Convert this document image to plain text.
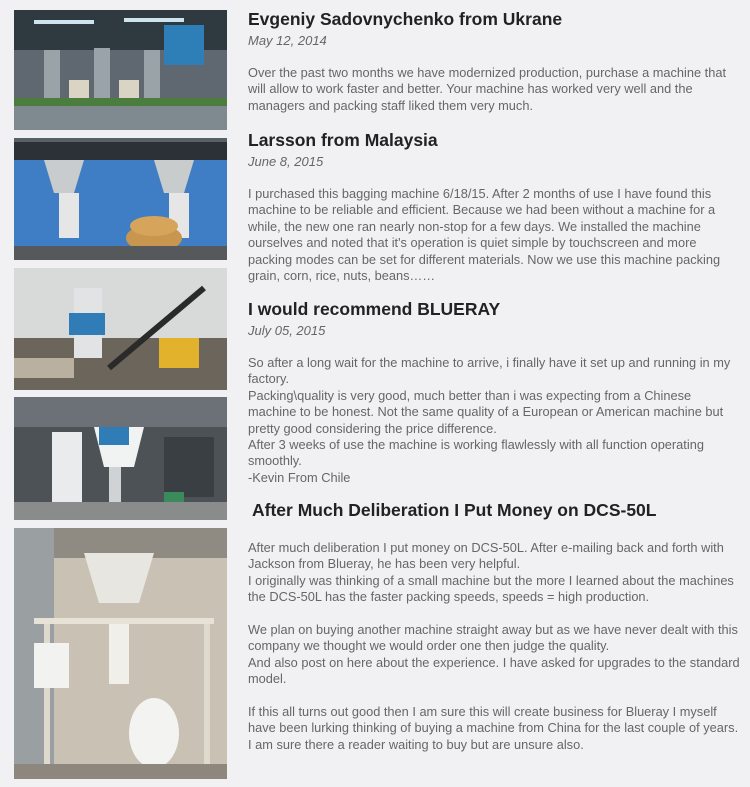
Evgeniy Sadovnychenko from Ukrane
May 12, 2014

Over the past two months we have modernized production, purchase a machine that will allow to work faster and better. Your machine has worked very well and the managers and packing staff liked them very much.

Larsson from Malaysia
June 8, 2015

I purchased this bagging machine 6/18/15. After 2 months of use I have found this machine to be reliable and efficient. Because we had been without a machine for a while, the new one ran nearly non-stop for a few days. We installed the machine ourselves and noted that it's operation is quiet simple by touchscreen and more packing modes can be set for different materials. Now we use this machine packing grain, corn, rice, nuts, beans……

I would recommend BLUERAY
July 05, 2015

So after a long wait for the machine to arrive, i finally have it set up and running in my factory.

Packing\quality is very good, much better than i was expecting from a Chinese machine to be honest. Not the same quality of a European or American machine but pretty good considering the price difference.

After 3 weeks of use the machine is working flawlessly with all function operating smoothly.

-Kevin From Chile

After Much Deliberation I Put Money on DCS-50L

After much deliberation I put money on DCS-50L. After e-mailing back and forth with Jackson from Blueray, he has been very helpful.

I originally was thinking of a small machine but the more I learned about the machines the DCS-50L has the faster packing speeds, speeds = high production.

We plan on buying another machine straight away but as we have never dealt with this company we thought we would order one then judge the quality.

And also post on here about the experience. I have asked for upgrades to the standard model.

If this all turns out good then I am sure this will create business for Blueray I myself have been lurking thinking of buying a machine from China for the last couple of years. I am sure there a reader waiting to buy but are unsure also.
